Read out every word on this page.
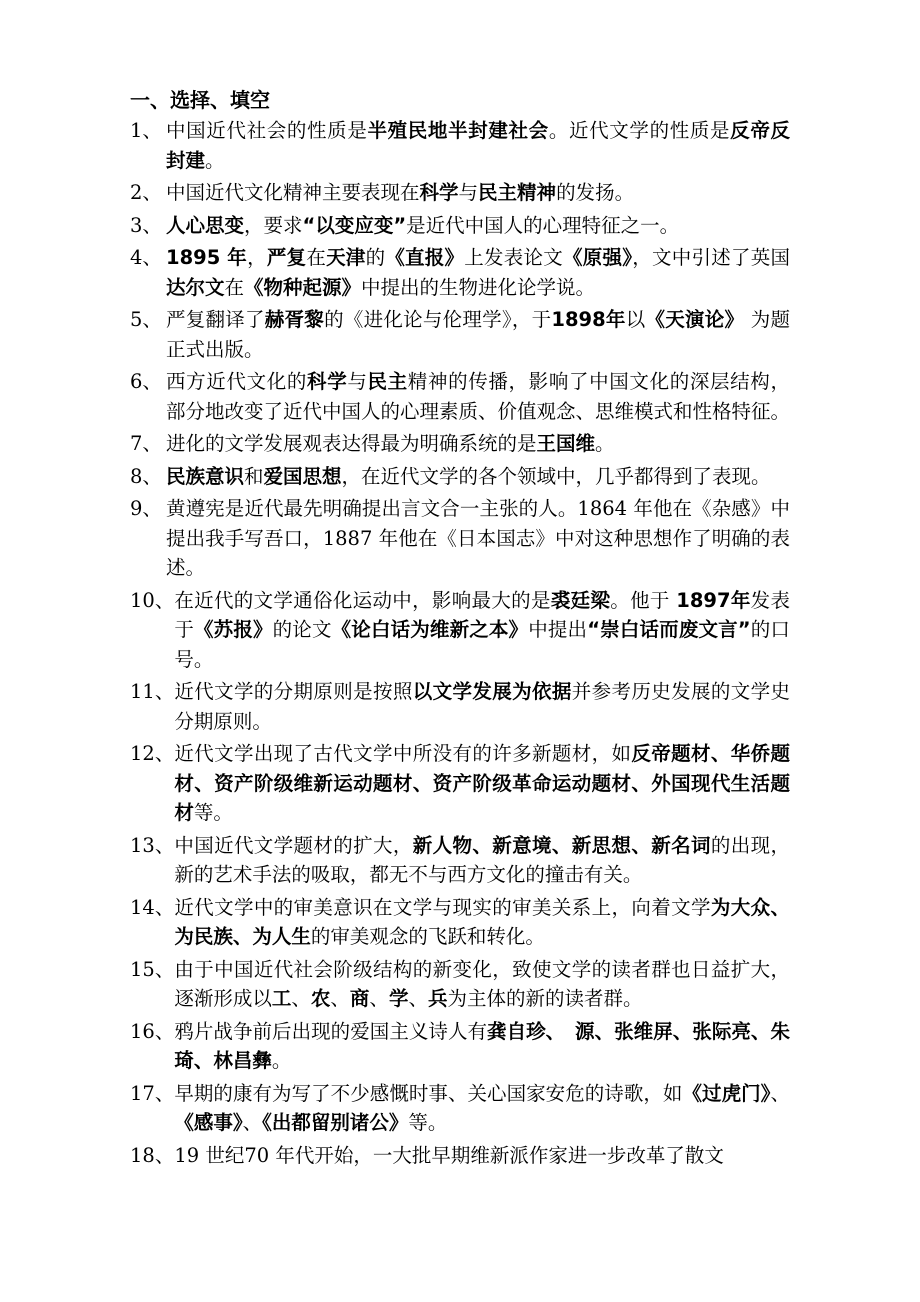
一、选择、填空
1、 中国近代社会的性质是半殖民地半封建社会。近代文学的性质是反帝反封建。
2、 中国近代文化精神主要表现在科学与民主精神的发扬。
3、 人心思变，要求“以变应变”是近代中国人的心理特征之一。
4、 1895 年，严复在天津的《直报》上发表论文《原强》，文中引述了英国达尔文在《物种起源》中提出的生物进化论学说。
5、 严复翻译了赫胥黎的《进化论与伦理学》，于1898年以《天演论》 为题正式出版。
6、 西方近代文化的科学与民主精神的传播，影响了中国文化的深层结构，部分地改变了近代中国人的心理素质、价值观念、思维模式和性格特征。
7、 进化的文学发展观表达得最为明确系统的是王国维。
8、 民族意识和爱国思想，在近代文学的各个领域中，几乎都得到了表现。
9、 黄遵宪是近代最先明确提出言文合一主张的人。1864 年他在《杂感》中提出我手写吾口，1887 年他在《日本国志》中对这种思想作了明确的表述。
10、 在近代的文学通俗化运动中，影响最大的是裘廷梁。他于 1897年发表于《苏报》的论文《论白话为维新之本》中提出“崇白话而废文言”的口号。
11、 近代文学的分期原则是按照以文学发展为依据并参考历史发展的文学史分期原则。
12、 近代文学出现了古代文学中所没有的许多新题材，如反帝题材、华侨题材、资产阶级维新运动题材、资产阶级革命运动题材、外国现代生活题材等。
13、 中国近代文学题材的扩大，新人物、新意境、新思想、新名词的出现，新的艺术手法的吸取，都无不与西方文化的撞击有关。
14、 近代文学中的审美意识在文学与现实的审美关系上，向着文学为大众、为民族、为人生的审美观念的飞跃和转化。
15、 由于中国近代社会阶级结构的新变化，致使文学的读者群也日益扩大，逐渐形成以工、农、商、学、兵为主体的新的读者群。
16、 鸦片战争前后出现的爱国主义诗人有龚自珍、　源、张维屏、张际亮、朱琦、林昌彝。
17、 早期的康有为写了不少感慨时事、关心国家安危的诗歌，如《过虎门》、《感事》、《出都留别诸公》等。
18、 19 世纪70 年代开始，一大批早期维新派作家进一步改革了散文
